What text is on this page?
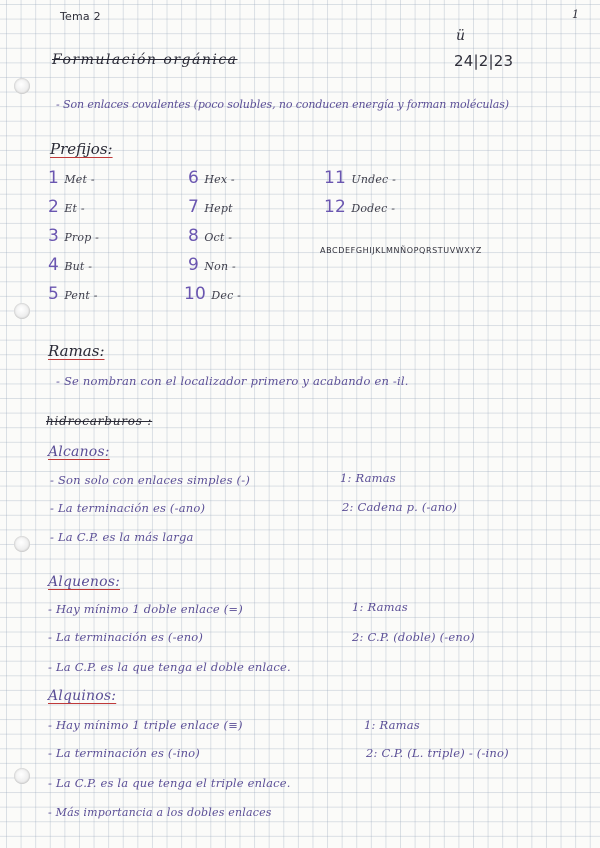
Tema 2	1
ü
Formulación orgánica	24|2|23
- Son enlaces covalentes (poco solubles, no conducen energía y forman moléculas)
Prefijos:
1 Met -
2 Et -
3 Prop -
4 But -
5 Pent -
6 Hex -
7 Hept
8 Oct -
9 Non -
10 Dec -
11 Undec -
12 Dodec -
ABCDEFGHIJKLMNÑOPQRSTUVWXYZ
Ramas:
- Se nombran con el localizador primero y acabando en -il.
hidrocarburos :
Alcanos:
- Son solo con enlaces simples (-)
- La terminación es (-ano)
- La C.P. es la más larga
1: Ramas
2: Cadena p. (-ano)
Alquenos:
- Hay mínimo 1 doble enlace (=)
- La terminación es (-eno)
- La C.P. es la que tenga el doble enlace.
1: Ramas
2: C.P. (doble) (-eno)
Alquinos:
- Hay mínimo 1 triple enlace (≡)
- La terminación es (-ino)
- La C.P. es la que tenga el triple enlace.
- Más importancia a los dobles enlaces
1: Ramas
2: C.P. (L. triple) - (-ino)
